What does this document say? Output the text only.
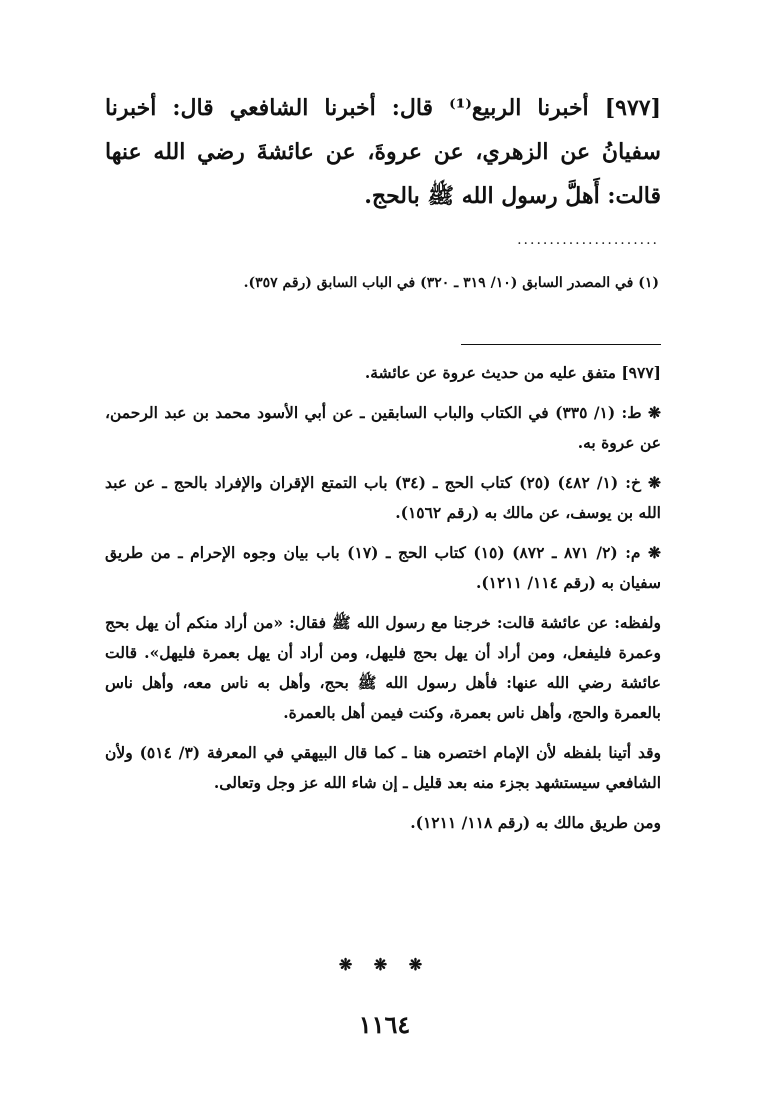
[٩٧٧] أخبرنا الربيع⁽¹⁾ قال: أخبرنا الشافعي قال: أخبرنا سفيانُ عن الزهري، عن عروةَ، عن عائشةَ رضي الله عنها قالت: أَهلَّ رسول الله ﷺ بالحج.

......................
(١) في المصدر السابق (١٠/ ٣١٩ ـ ٣٢٠) في الباب السابق (رقم ٣٥٧).

[٩٧٧] متفق عليه من حديث عروة عن عائشة.

❋ ط: (١/ ٣٣٥) في الكتاب والباب السابقين ـ عن أبي الأسود محمد بن عبد الرحمن، عن عروة به.

❋ خ: (١/ ٤٨٢) (٢٥) كتاب الحج ـ (٣٤) باب التمتع الإقران والإفراد بالحج ـ عن عبد الله بن يوسف، عن مالك به (رقم ١٥٦٢).

❋ م: (٢/ ٨٧١ ـ ٨٧٢) (١٥) كتاب الحج ـ (١٧) باب بيان وجوه الإحرام ـ من طريق سفيان به (رقم ١١٤/ ١٢١١).

ولفظه: عن عائشة قالت: خرجنا مع رسول الله ﷺ فقال: «من أراد منكم أن يهل بحج وعمرة فليفعل، ومن أراد أن يهل بحج فليهل، ومن أراد أن يهل بعمرة فليهل». قالت عائشة رضي الله عنها: فأهل رسول الله ﷺ بحج، وأهل به ناس معه، وأهل ناس بالعمرة والحج، وأهل ناس بعمرة، وكنت فيمن أهل بالعمرة.

وقد أتينا بلفظه لأن الإمام اختصره هنا ـ كما قال البيهقي في المعرفة (٣/ ٥١٤) ولأن الشافعي سيستشهد بجزء منه بعد قليل ـ إن شاء الله عز وجل وتعالى.

ومن طريق مالك به (رقم ١١٨/ ١٢١١).

❋ ❋ ❋
١١٦٤
